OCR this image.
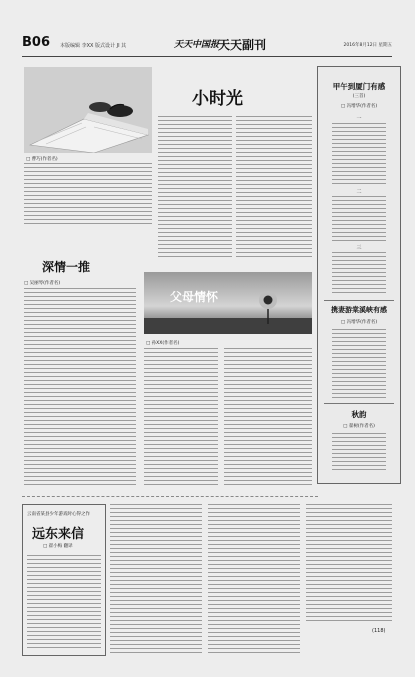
B06 本版编辑 李XX 版式设计 JI 其	天天中国报
天天副刊	2016年8月12日 星期五
□ 曹巧(作者名)
小时光
深情一推
□ 吴丽琴(作者名)
父母情怀
□ 孙XX(作者名)
甲午到厦门有感
(三首)
□ 冯增华(作者名)
一
二
三
携妻游棠溪峡有感
□ 冯增华(作者名)
秋韵
□ 翟树(作者名)
云南省某县少年游戏时心得之作
远东来信
□ 翟小梅 翻译
(118)
